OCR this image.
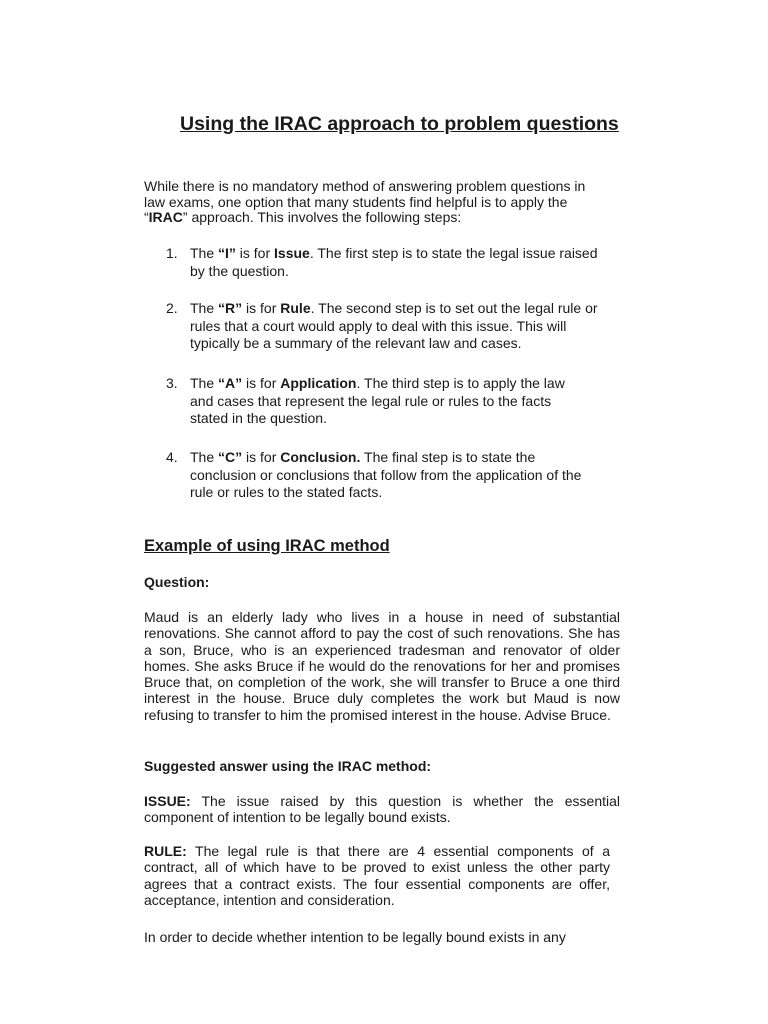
Using the IRAC approach to problem questions

While there is no mandatory method of answering problem questions in law exams, one option that many students find helpful is to apply the “IRAC” approach. This involves the following steps:

1. The “I” is for Issue. The first step is to state the legal issue raised by the question.
2. The “R” is for Rule. The second step is to set out the legal rule or rules that a court would apply to deal with this issue. This will typically be a summary of the relevant law and cases.
3. The “A” is for Application. The third step is to apply the law and cases that represent the legal rule or rules to the facts stated in the question.
4. The “C” is for Conclusion. The final step is to state the conclusion or conclusions that follow from the application of the rule or rules to the stated facts.
Example of using IRAC method
Question:

Maud is an elderly lady who lives in a house in need of substantial renovations. She cannot afford to pay the cost of such renovations. She has a son, Bruce, who is an experienced tradesman and renovator of older homes. She asks Bruce if he would do the renovations for her and promises Bruce that, on completion of the work, she will transfer to Bruce a one third interest in the house. Bruce duly completes the work but Maud is now refusing to transfer to him the promised interest in the house. Advise Bruce.

Suggested answer using the IRAC method:

ISSUE: The issue raised by this question is whether the essential component of intention to be legally bound exists.

RULE: The legal rule is that there are 4 essential components of a contract, all of which have to be proved to exist unless the other party agrees that a contract exists. The four essential components are offer, acceptance, intention and consideration.

In order to decide whether intention to be legally bound exists in any
